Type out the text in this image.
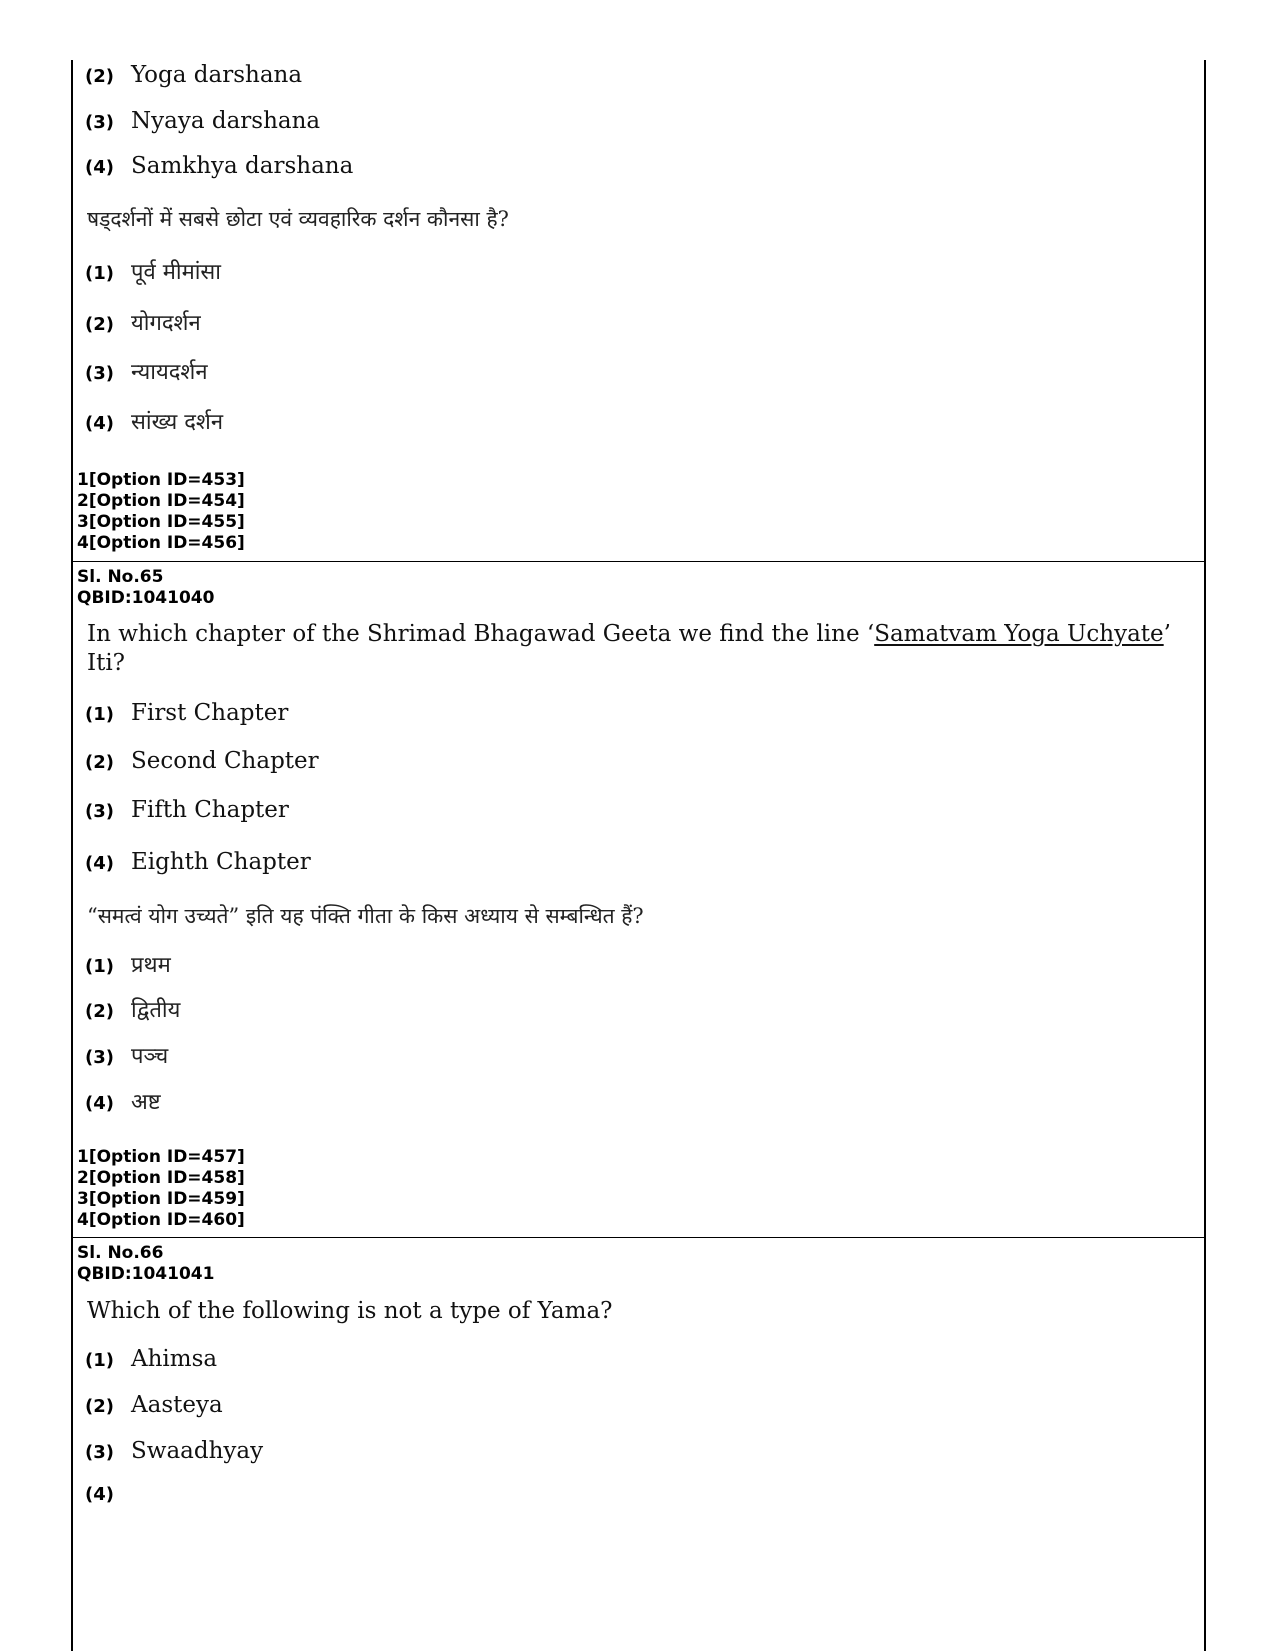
(2) Yoga darshana
(3) Nyaya darshana
(4) Samkhya darshana
षड्दर्शनों में सबसे छोटा एवं व्यवहारिक दर्शन कौनसा है?
(1) पूर्व मीमांसा
(2) योगदर्शन
(3) न्यायदर्शन
(4) सांख्य दर्शन
1[Option ID=453]
2[Option ID=454]
3[Option ID=455]
4[Option ID=456]
Sl. No.65
QBID:1041040
In which chapter of the Shrimad Bhagawad Geeta we find the line ‘Samatvam Yoga Uchyate’
Iti?
(1) First Chapter
(2) Second Chapter
(3) Fifth Chapter
(4) Eighth Chapter
“समत्वं योग उच्यते” इति यह पंक्ति गीता के किस अध्याय से सम्बन्धित हैं?
(1) प्रथम
(2) द्वितीय
(3) पञ्च
(4) अष्ट
1[Option ID=457]
2[Option ID=458]
3[Option ID=459]
4[Option ID=460]
Sl. No.66
QBID:1041041
Which of the following is not a type of Yama?
(1) Ahimsa
(2) Aasteya
(3) Swaadhyay
(4)
